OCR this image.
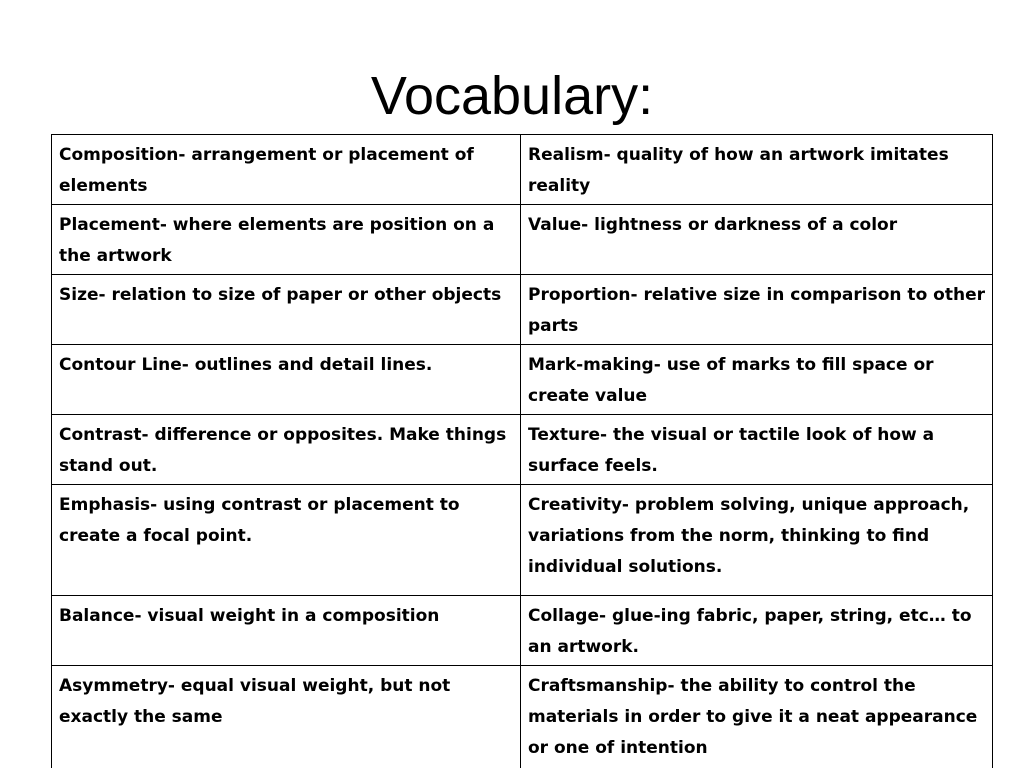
Vocabulary:
Composition- arrangement or placement of elements	Realism- quality of how an artwork imitates reality
Placement- where elements are position on a the artwork	Value- lightness or darkness of a color
Size- relation to size of paper or other objects	Proportion- relative size in comparison to other parts
Contour Line- outlines and detail lines.	Mark-making- use of marks to fill space or create value
Contrast- difference or opposites. Make things stand out.	Texture- the visual or tactile look of how a surface feels.
Emphasis- using contrast or placement to create a focal point.	Creativity- problem solving, unique approach, variations from the norm, thinking to find individual solutions.
Balance- visual weight in a composition	Collage- glue-ing fabric, paper, string, etc… to an artwork.
Asymmetry- equal visual weight, but not exactly the same	Craftsmanship- the ability to control the materials in order to give it a neat appearance or one of intention
